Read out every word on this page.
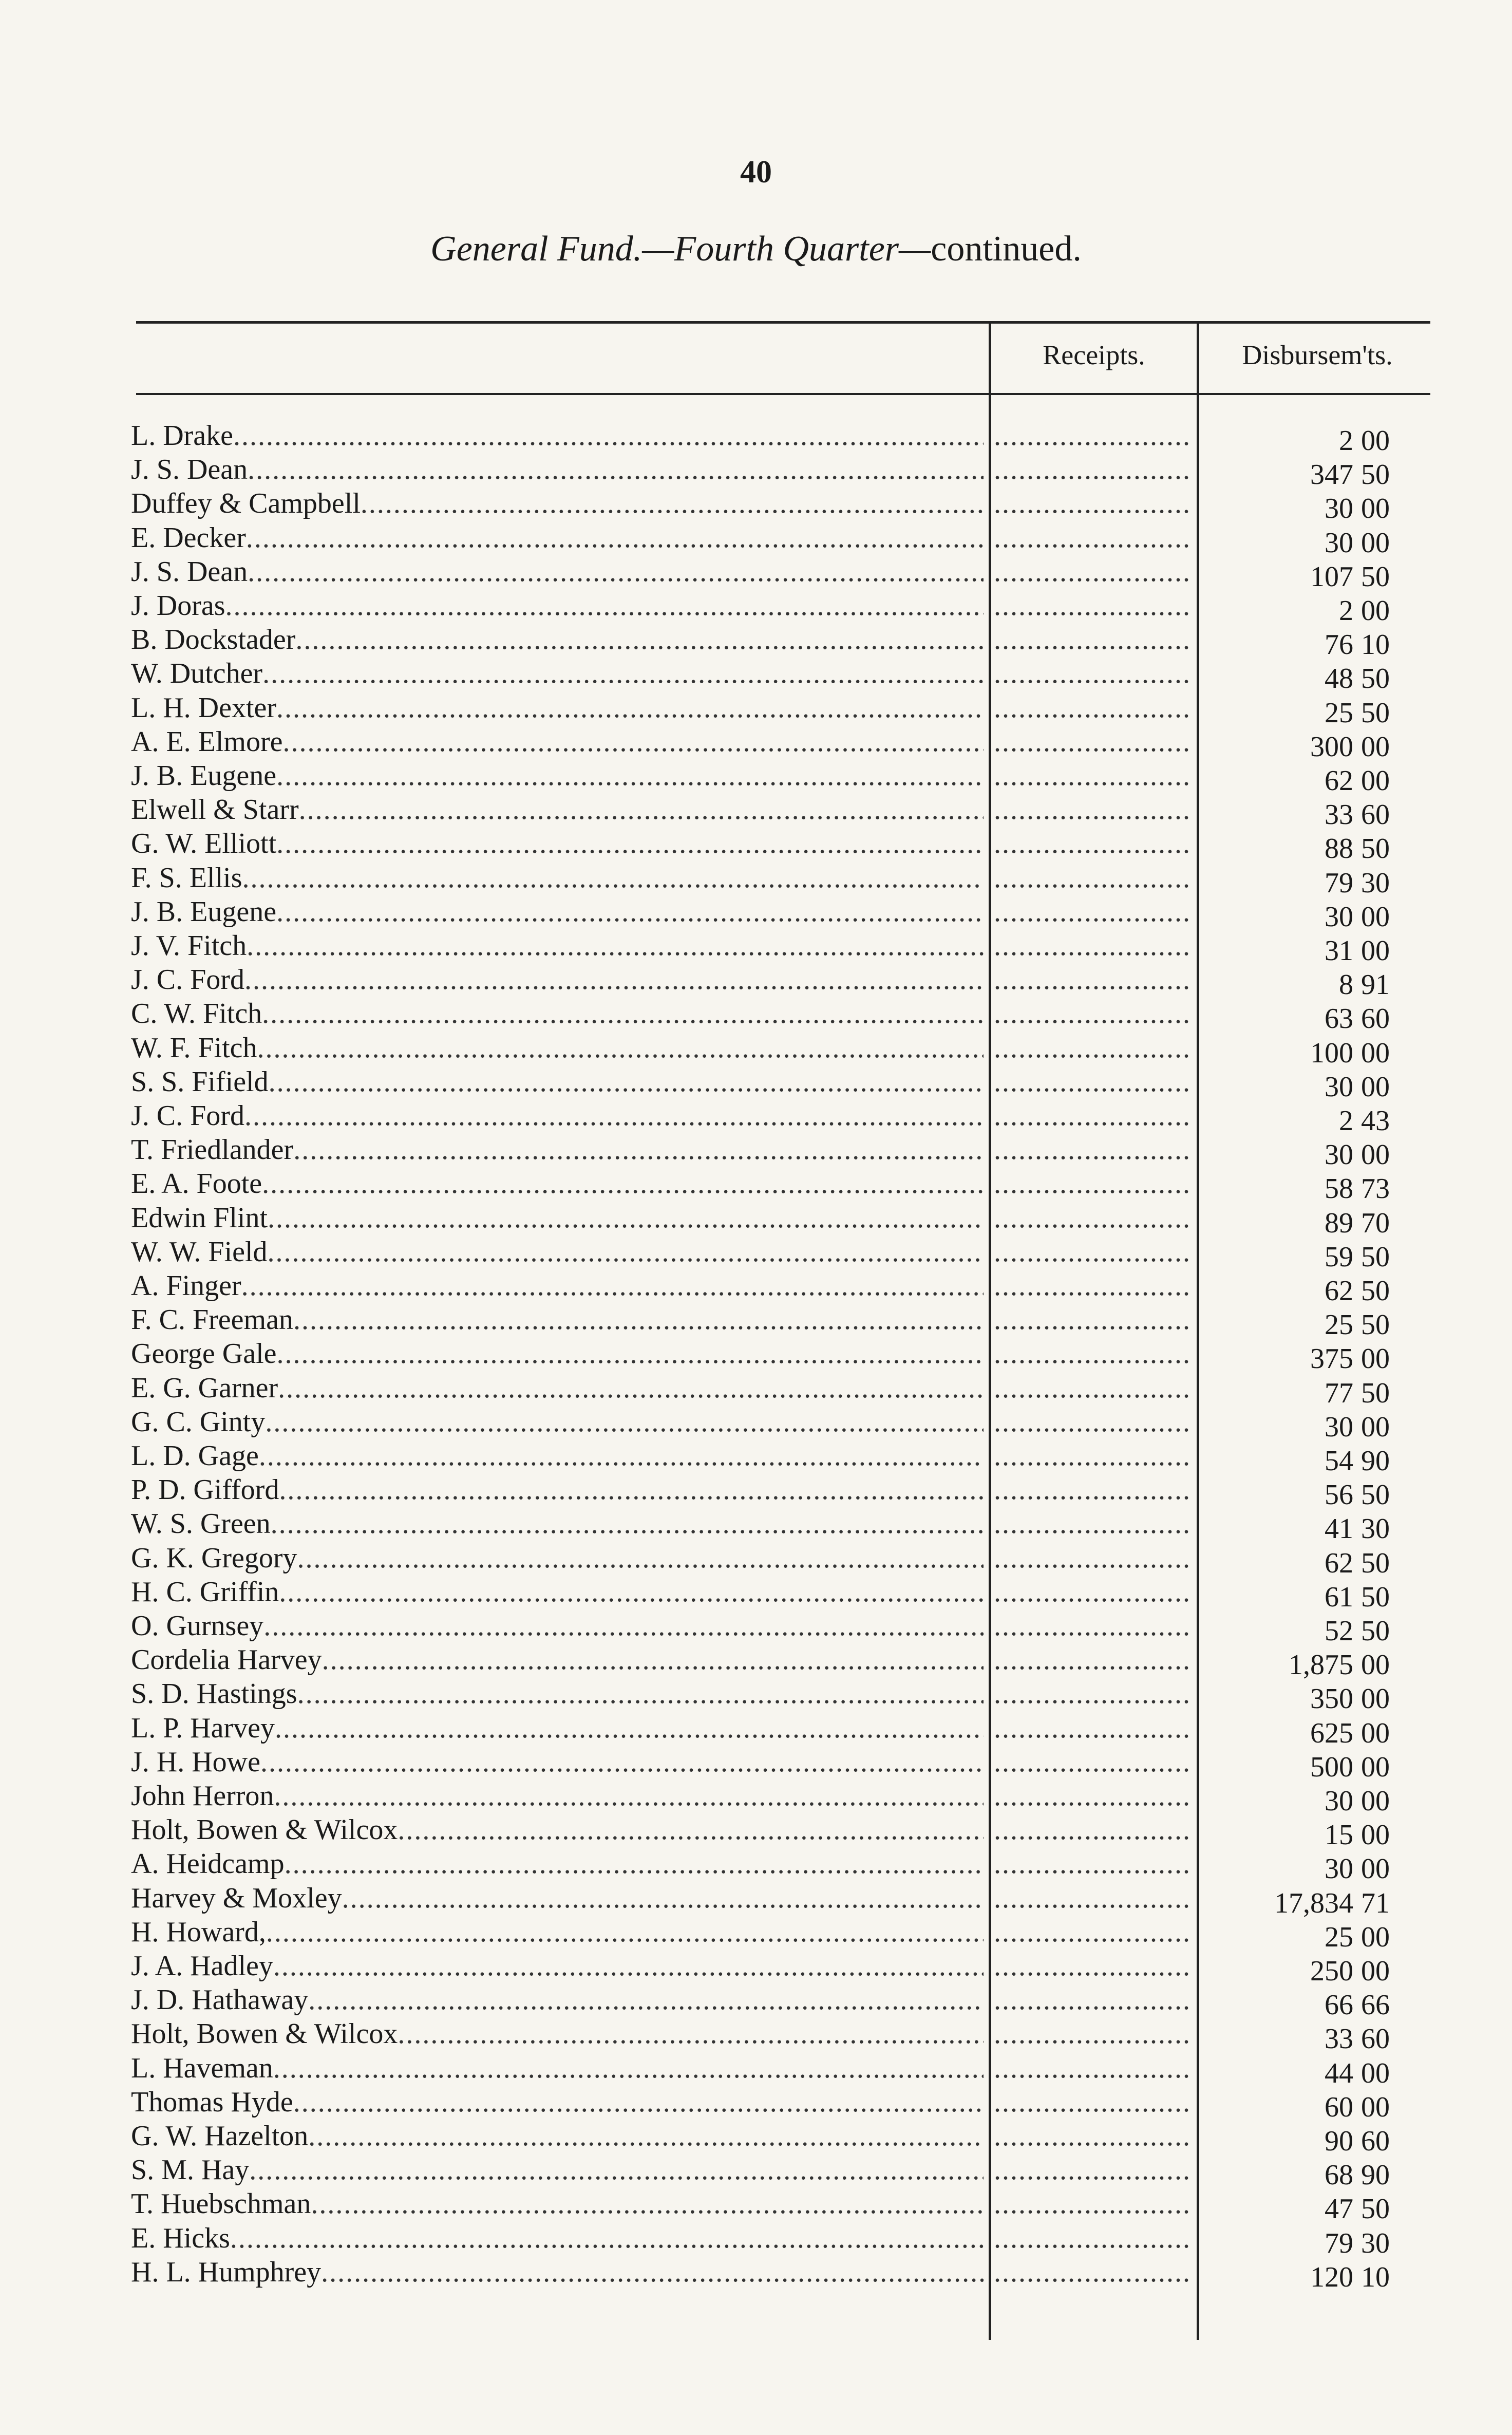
40
General Fund.—Fourth Quarter—continued.
Receipts.	Disbursem'ts.
L. Drake ..... .....	2 00
J. S. Dean ..... .....	347 50
Duffey & Campbell ..... .....	30 00
E. Decker ..... .....	30 00
J. S. Dean ..... .....	107 50
J. Doras ..... .....	2 00
B. Dockstader ..... .....	76 10
W. Dutcher ..... .....	48 50
L. H. Dexter ..... .....	25 50
A. E. Elmore ..... .....	300 00
J. B. Eugene ..... .....	62 00
Elwell & Starr ..... .....	33 60
G. W. Elliott ..... .....	88 50
F. S. Ellis ..... .....	79 30
J. B. Eugene ..... .....	30 00
J. V. Fitch ..... .....	31 00
J. C. Ford ..... .....	8 91
C. W. Fitch ..... .....	63 60
W. F. Fitch ..... .....	100 00
S. S. Fifield ..... .....	30 00
J. C. Ford ..... .....	2 43
T. Friedlander ..... .....	30 00
E. A. Foote ..... .....	58 73
Edwin Flint ..... .....	89 70
W. W. Field ..... .....	59 50
A. Finger ..... .....	62 50
F. C. Freeman ..... .....	25 50
George Gale ..... .....	375 00
E. G. Garner ..... .....	77 50
G. C. Ginty ..... .....	30 00
L. D. Gage ..... .....	54 90
P. D. Gifford ..... .....	56 50
W. S. Green ..... .....	41 30
G. K. Gregory ..... .....	62 50
H. C. Griffin ..... .....	61 50
O. Gurnsey ..... .....	52 50
Cordelia Harvey ..... .....	1,875 00
S. D. Hastings ..... .....	350 00
L. P. Harvey ..... .....	625 00
J. H. Howe ..... .....	500 00
John Herron ..... .....	30 00
Holt, Bowen & Wilcox ..... .....	15 00
A. Heidcamp ..... .....	30 00
Harvey & Moxley ..... .....	17,834 71
H. Howard, ..... .....	25 00
J. A. Hadley ..... .....	250 00
J. D. Hathaway ..... .....	66 66
Holt, Bowen & Wilcox ..... .....	33 60
L. Haveman ..... .....	44 00
Thomas Hyde ..... .....	60 00
G. W. Hazelton ..... .....	90 60
S. M. Hay ..... .....	68 90
T. Huebschman ..... .....	47 50
E. Hicks ..... .....	79 30
H. L. Humphrey ..... .....	120 10
